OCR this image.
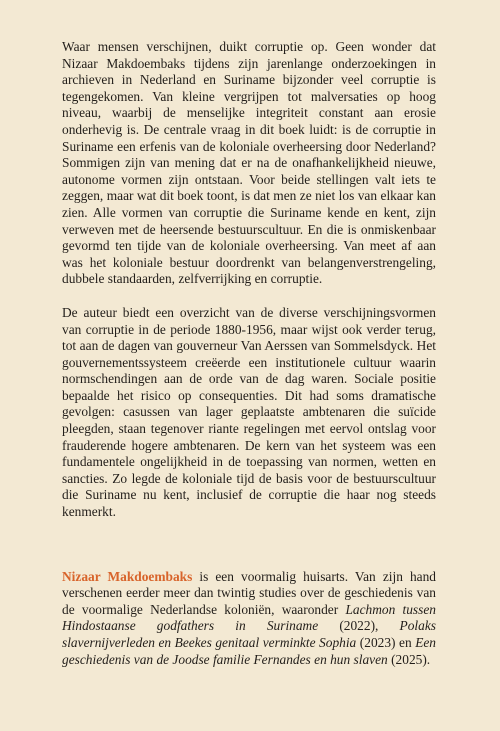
Waar mensen verschijnen, duikt corruptie op. Geen wonder dat Nizaar Makdoembaks tijdens zijn jarenlange onderzoekingen in archieven in Nederland en Suriname bijzonder veel corruptie is tegengekomen. Van kleine vergrijpen tot malversaties op hoog niveau, waarbij de menselijke integriteit constant aan erosie onderhevig is. De centrale vraag in dit boek luidt: is de corruptie in Suriname een erfenis van de koloniale overheersing door Nederland? Sommigen zijn van mening dat er na de onafhankelijkheid nieuwe, autonome vormen zijn ontstaan. Voor beide stellingen valt iets te zeggen, maar wat dit boek toont, is dat men ze niet los van elkaar kan zien. Alle vormen van corruptie die Suriname kende en kent, zijn verweven met de heersende bestuurscultuur. En die is onmiskenbaar gevormd ten tijde van de koloniale overheersing. Van meet af aan was het koloniale bestuur doordrenkt van belangenverstrengeling, dubbele standaarden, zelfverrijking en corruptie.

De auteur biedt een overzicht van de diverse verschijningsvormen van corruptie in de periode 1880-1956, maar wijst ook verder terug, tot aan de dagen van gouverneur Van Aerssen van Sommelsdyck. Het gouvernementssysteem creëerde een institutionele cultuur waarin normschendingen aan de orde van de dag waren. Sociale positie bepaalde het risico op consequenties. Dit had soms dramatische gevolgen: casussen van lager geplaatste ambtenaren die suïcide pleegden, staan tegenover riante regelingen met eervol ontslag voor frauderende hogere ambtenaren. De kern van het systeem was een fundamentele ongelijkheid in de toepassing van normen, wetten en sancties. Zo legde de koloniale tijd de basis voor de bestuurscultuur die Suriname nu kent, inclusief de corruptie die haar nog steeds kenmerkt.

Nizaar Makdoembaks is een voormalig huisarts. Van zijn hand verschenen eerder meer dan twintig studies over de geschiedenis van de voormalige Nederlandse koloniën, waaronder Lachmon tussen Hindostaanse godfathers in Suriname (2022), Polaks slavernijverleden en Beekes genitaal verminkte Sophia (2023) en Een geschiedenis van de Joodse familie Fernandes en hun slaven (2025).
